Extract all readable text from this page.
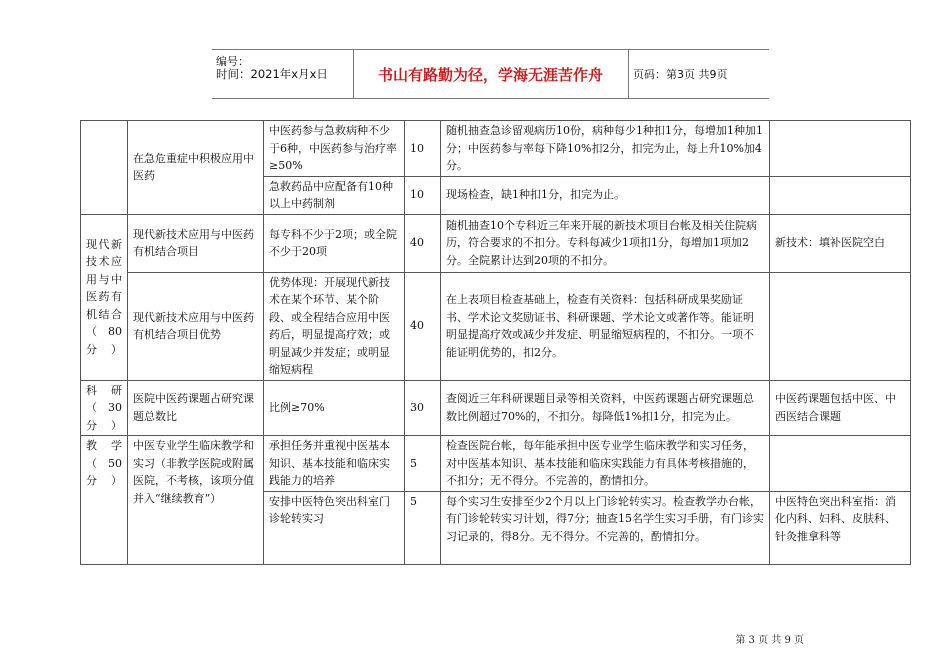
编号：
时间：2021年x月x日	书山有路勤为径，学海无涯苦作舟	页码：第3页 共9页
	在急危重症中积极应用中医药	中医药参与急救病种不少于6种，中医药参与治疗率≥50%	10	随机抽查急诊留观病历10份，病种每少1种扣1分，每增加1种加1分；中医药参与率每下降10%扣2分，扣完为止，每上升10%加4分。	
		急救药品中应配备有10种以上中药制剂	10	现场检查，缺1种扣1分，扣完为止。	
现代新技术应用与中医药有机结合（80分）	现代新技术应用与中医药有机结合项目	每专科不少于2项；或全院不少于20项	40	随机抽查10个专科近三年来开展的新技术项目台帐及相关住院病历，符合要求的不扣分。专科每减少1项扣1分，每增加1项加2分。全院累计达到20项的不扣分。	新技术：填补医院空白
	现代新技术应用与中医药有机结合项目优势	优势体现：开展现代新技术在某个环节、某个阶段、或全程结合应用中医药后，明显提高疗效；或明显减少并发症；或明显缩短病程	40	在上表项目检查基础上，检查有关资料：包括科研成果奖励证书、学术论文奖励证书、科研课题、学术论文或著作等。能证明明显提高疗效或减少并发症、明显缩短病程的，不扣分。一项不能证明优势的，扣2分。	
科研（30分）	医院中医药课题占研究课题总数比	比例≥70%	30	查阅近三年科研课题目录等相关资料，中医药课题占研究课题总数比例超过70%的，不扣分。每降低1%扣1分，扣完为止。	中医药课题包括中医、中西医结合课题
教学（50分）	中医专业学生临床教学和实习（非教学医院或附属医院，不考核，该项分值并入“继续教育”）	承担任务并重视中医基本知识、基本技能和临床实践能力的培养	5	检查医院台帐，每年能承担中医专业学生临床教学和实习任务，对中医基本知识、基本技能和临床实践能力有具体考核措施的，不扣分；无不得分。不完善的，酌情扣分。	
		安排中医特色突出科室门诊轮转实习	5	每个实习生安排至少2个月以上门诊轮转实习。检查教学办台帐，有门诊轮转实习计划，得7分；抽查15名学生实习手册，有门诊实习记录的，得8分。无不得分。不完善的，酌情扣分。	中医特色突出科室指：消化内科、妇科、皮肤科、针灸推拿科等
第 3 页 共 9 页
